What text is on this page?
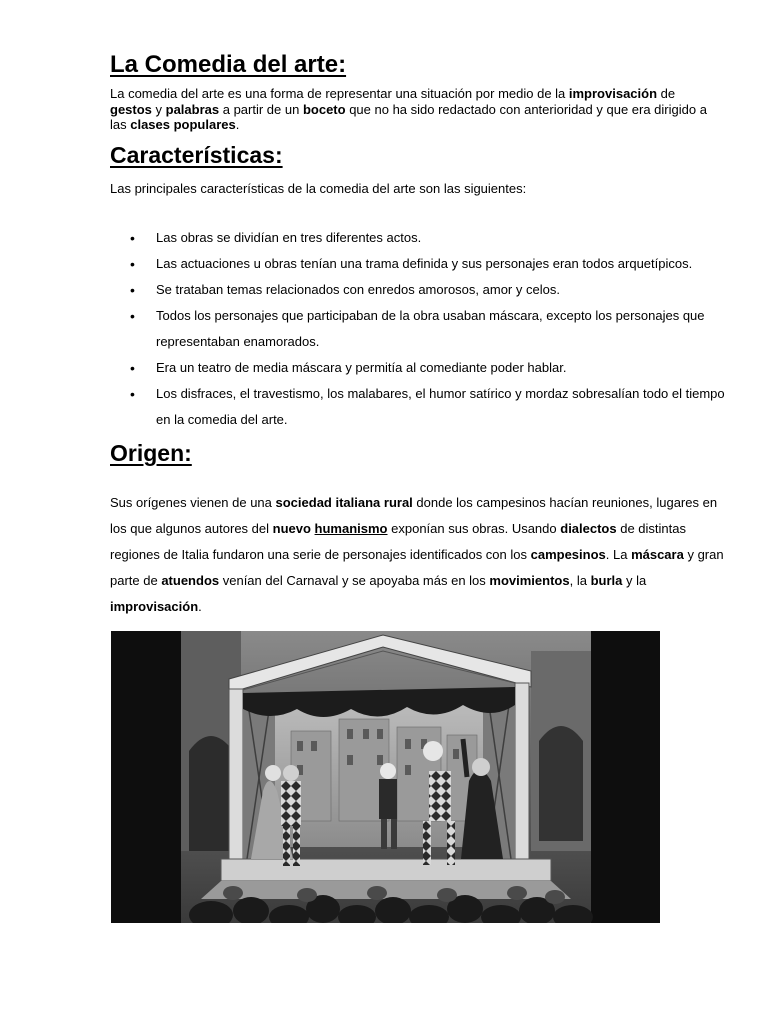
La Comedia del arte:
La comedia del arte es una forma de representar una situación por medio de la improvisación de gestos y palabras a partir de un boceto que no ha sido redactado con anterioridad y que era dirigido a las clases populares.
Características:

Las principales características de la comedia del arte son las siguientes:

• Las obras se dividían en tres diferentes actos.
• Las actuaciones u obras tenían una trama definida y sus personajes eran todos arquetípicos.
• Se trataban temas relacionados con enredos amorosos, amor y celos.
• Todos los personajes que participaban de la obra usaban máscara, excepto los personajes que representaban enamorados.
• Era un teatro de media máscara y permitía al comediante poder hablar.
• Los disfraces, el travestismo, los malabares, el humor satírico y mordaz sobresalían todo el tiempo en la comedia del arte.
Origen:

Sus orígenes vienen de una sociedad italiana rural donde los campesinos hacían reuniones, lugares en los que algunos autores del nuevo humanismo exponían sus obras. Usando dialectos de distintas regiones de Italia fundaron una serie de personajes identificados con los campesinos. La máscara y gran parte de atuendos venían del Carnaval y se apoyaba más en los movimientos, la burla y la improvisación.
